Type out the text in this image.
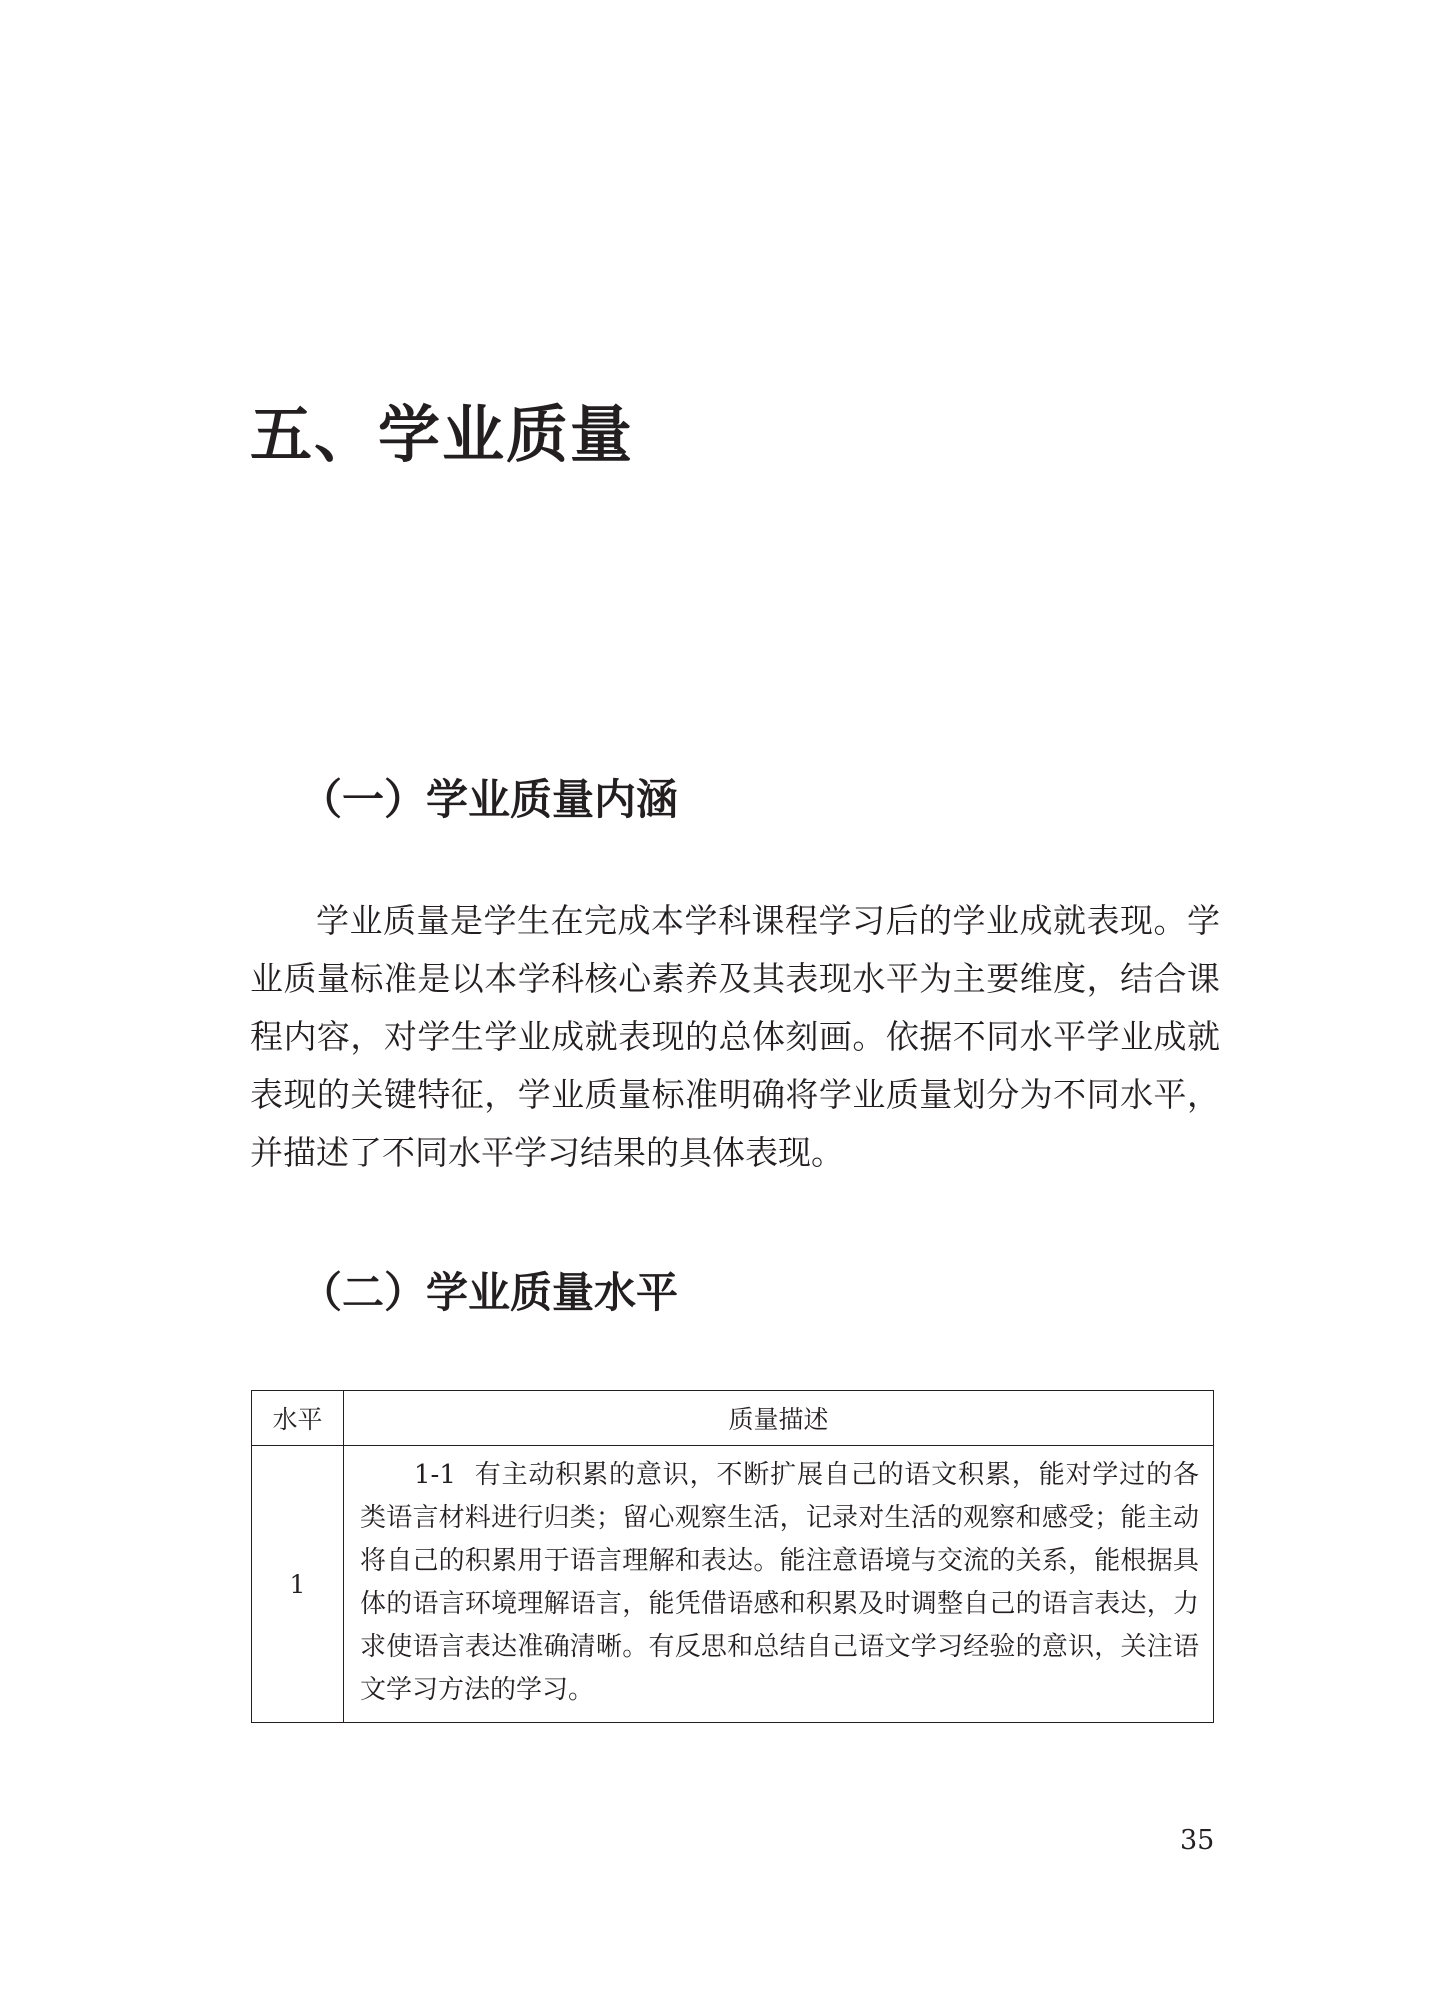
五、学业质量
（一）学业质量内涵

学业质量是学生在完成本学科课程学习后的学业成就表现。学业质量标准是以本学科核心素养及其表现水平为主要维度，结合课程内容，对学生学业成就表现的总体刻画。依据不同水平学业成就表现的关键特征，学业质量标准明确将学业质量划分为不同水平，并描述了不同水平学习结果的具体表现。

（二）学业质量水平
水平	质量描述
1	1-1 有主动积累的意识，不断扩展自己的语文积累，能对学过的各类语言材料进行归类；留心观察生活，记录对生活的观察和感受；能主动将自己的积累用于语言理解和表达。能注意语境与交流的关系，能根据具体的语言环境理解语言，能凭借语感和积累及时调整自己的语言表达，力求使语言表达准确清晰。有反思和总结自己语文学习经验的意识，关注语文学习方法的学习。
35
